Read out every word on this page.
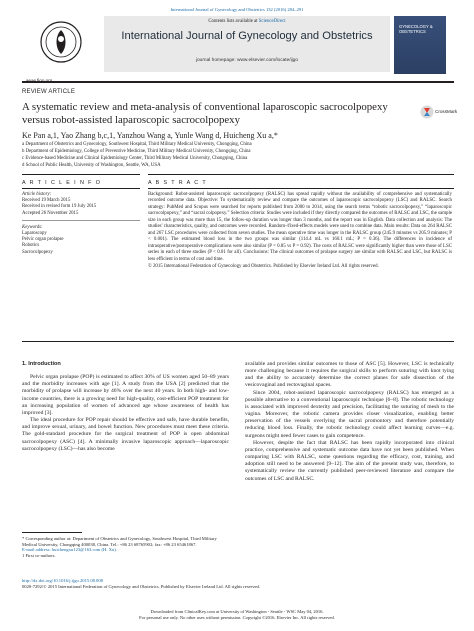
International Journal of Gynecology and Obstetrics 132 (2016) 284–291
Contents lists available at ScienceDirect
International Journal of Gynecology and Obstetrics
journal homepage: www.elsevier.com/locate/ijgo
GYNECOLOGY & OBSTETRICS
REVIEW ARTICLE
A systematic review and meta-analysis of conventional laparoscopic sacrocolpopexy versus robot-assisted laparoscopic sacrocolpopexy
CrossMark
Ke Pan a,1, Yao Zhang b,c,1, Yanzhou Wang a, Yunle Wang d, Huicheng Xu a,*
a Department of Obstetrics and Gynecology, Southwest Hospital, Third Military Medical University, Chongqing, China
b Department of Epidemiology, College of Preventive Medicine, Third Military Medical University, Chongqing, China
c Evidence-based Medicine and Clinical Epidemiology Center, Third Military Medical University, Chongqing, China
d School of Public Health, University of Washington, Seattle, WA, USA
A R T I C L E I N F O	A B S T R A C T
Article history:
Received 19 March 2015
Received in revised form 19 July 2015
Accepted 26 November 2015
Keywords:
Laparoscopy
Pelvic organ prolapse
Robotics
Sacrocolpopexy

Background: Robot-assisted laparoscopic sacrocolpopexy (RALSC) has spread rapidly without the availability of comprehensive and systematically recorded outcome data. Objective: To systematically review and compare the outcomes of laparoscopic sacrocolpopexy (LSC) and RALSC. Search strategy: PubMed and Scopus were searched for reports published from 2000 to 2014, using the search terms “robotic sacrocolpopexy,” “laparoscopic sacrocolpopexy,” and “sacral colpopexy.” Selection criteria: Studies were included if they directly compared the outcomes of RALSC and LSC, the sample size in each group was more than 15, the follow-up duration was longer than 3 months, and the report was in English. Data collection and analysis: The studies' characteristics, quality, and outcomes were recorded. Random-/fixed-effects models were used to combine data. Main results: Data on 264 RALSC and 267 LSC procedures were collected from seven studies. The mean operative time was longer in the RALSC group (245.9 minutes vs 205.9 minutes; P < 0.001). The estimated blood loss in the two groups was similar (114.4 mL vs 160.1 mL; P = 0.36). The differences in incidence of intraoperative/postoperative complications were also similar (P = 0.85 vs P = 0.92). The costs of RALSC were significantly higher than were those of LSC series in each of three studies (P < 0.01 for all). Conclusions: The clinical outcomes of prolapse surgery are similar with RALSC and LSC, but RALSC is less efficient in terms of cost and time.

© 2015 International Federation of Gynecology and Obstetrics. Published by Elsevier Ireland Ltd. All rights reserved.

1. Introduction

Pelvic organ prolapse (POP) is estimated to affect 30% of US women aged 50–89 years and the morbidity increases with age [1]. A study from the USA [2] predicted that the morbidity of prolapse will increase by 46% over the next 40 years. In both high- and low-income countries, there is a growing need for high-quality, cost-efficient POP treatment for an increasing population of women of advanced age whose awareness of health has improved [3].

The ideal procedure for POP repair should be effective and safe, have durable benefits, and improve sexual, urinary, and bowel function. New procedures must meet these criteria. The gold-standard procedure for the surgical treatment of POP is open abdominal sacrocolpopexy (ASC) [4]. A minimally invasive laparoscopic approach—laparoscopic sacrocolpopexy (LSC)—has also become

* Corresponding author at: Department of Obstetrics and Gynecology, Southwest Hospital, Third Military Medical University, Chongqing 400038, China. Tel.: +86 23 68765902; fax: +86 23 65461867.
E-mail address: huichengxu123@163.com (H. Xu).
1 First co-authors.

available and provides similar outcomes to those of ASC [5]. However, LSC is technically more challenging because it requires the surgical skills to perform suturing with knot tying and the ability to accurately determine the correct planes for safe dissection of the vesicovaginal and rectovaginal spaces.

Since 2004, robot-assisted laparoscopic sacrocolpopexy (RALSC) has emerged as a possible alternative to a conventional laparoscopic technique [6–8]. The robotic technology is associated with improved dexterity and precision, facilitating the suturing of mesh to the vagina. Moreover, the robotic camera provides closer visualization, enabling better preservation of the vessels overlying the sacral promontory and therefore potentially reducing blood loss. Finally, the robotic technology could affect learning curves—e.g. surgeons might need fewer cases to gain competence.

However, despite the fact that RALSC has been rapidly incorporated into clinical practice, comprehensive and systematic outcome data have not yet been published. When comparing LSC with RALSC, some questions regarding the efficacy, cost, training, and adoption still need to be answered [9–12]. The aim of the present study was, therefore, to systematically review the currently published peer-reviewed literature and compare the outcomes of LSC and RALSC.

http://dx.doi.org/10.1016/j.ijgo.2015.08.008
0020-7292/© 2015 International Federation of Gynecology and Obstetrics. Published by Elsevier Ireland Ltd. All rights reserved.
Downloaded from ClinicalKey.com at University of Washington - Seattle - WSC May 04, 2016.
For personal use only. No other uses without permission. Copyright ©2016. Elsevier Inc. All rights reserved.
